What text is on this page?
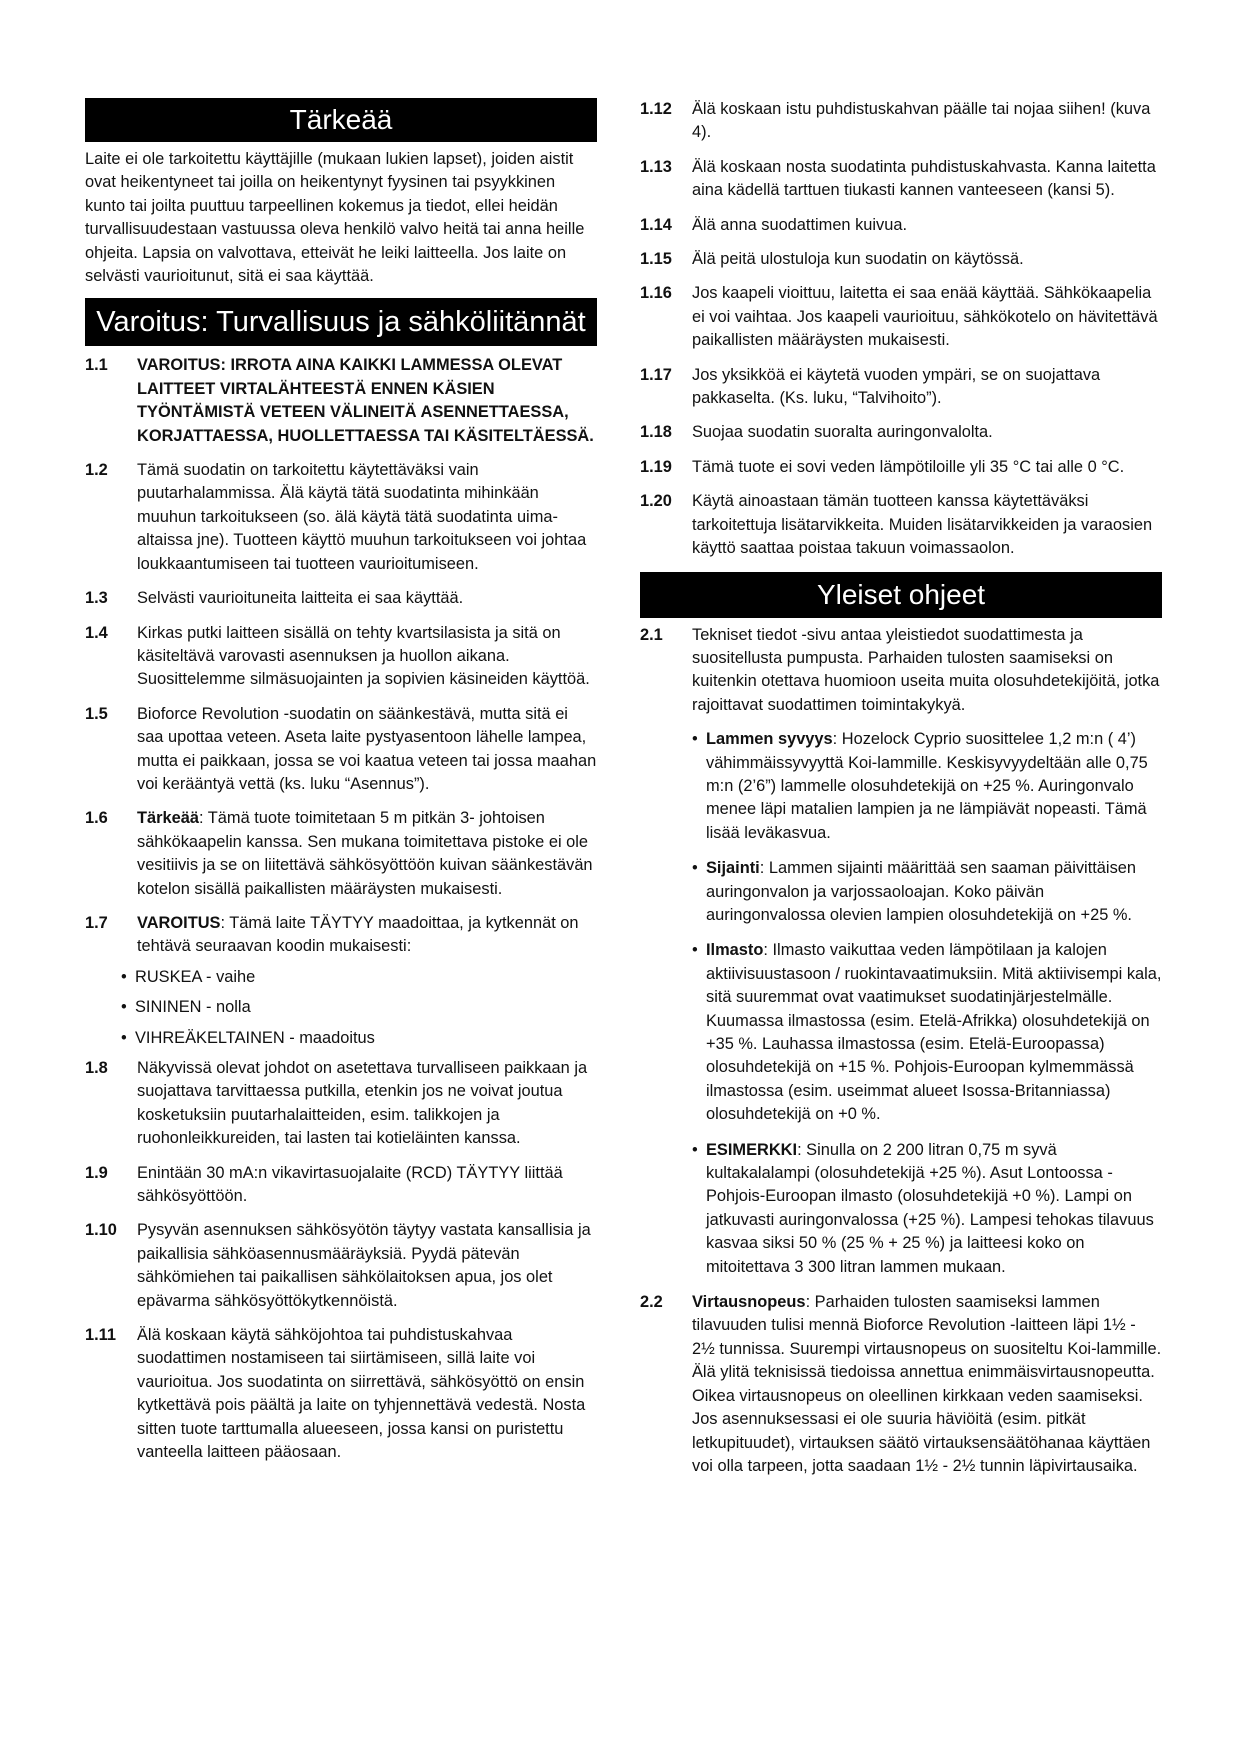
Tärkeää

Laite ei ole tarkoitettu käyttäjille (mukaan lukien lapset), joiden aistit ovat heikentyneet tai joilla on heikentynyt fyysinen tai psyykkinen kunto tai joilta puuttuu tarpeellinen kokemus ja tiedot, ellei heidän turvallisuudestaan vastuussa oleva henkilö valvo heitä tai anna heille ohjeita. Lapsia on valvottava, etteivät he leiki laitteella. Jos laite on selvästi vaurioitunut, sitä ei saa käyttää.

Varoitus: Turvallisuus ja sähköliitännät
1.1 VAROITUS: IRROTA AINA KAIKKI LAMMESSA OLEVAT LAITTEET VIRTALÄHTEESTÄ ENNEN KÄSIEN TYÖNTÄMISTÄ VETEEN VÄLINEITÄ ASENNETTAESSA, KORJATTAESSA, HUOLLETTAESSA TAI KÄSITELTÄESSÄ.
1.2 Tämä suodatin on tarkoitettu käytettäväksi vain puutarhalammissa. Älä käytä tätä suodatinta mihinkään muuhun tarkoitukseen (so. älä käytä tätä suodatinta uima-altaissa jne). Tuotteen käyttö muuhun tarkoitukseen voi johtaa loukkaantumiseen tai tuotteen vaurioitumiseen.
1.3 Selvästi vaurioituneita laitteita ei saa käyttää.
1.4 Kirkas putki laitteen sisällä on tehty kvartsilasista ja sitä on käsiteltävä varovasti asennuksen ja huollon aikana. Suosittelemme silmäsuojainten ja sopivien käsineiden käyttöä.
1.5 Bioforce Revolution -suodatin on säänkestävä, mutta sitä ei saa upottaa veteen. Aseta laite pystyasentoon lähelle lampea, mutta ei paikkaan, jossa se voi kaatua veteen tai jossa maahan voi kerääntyä vettä (ks. luku “Asennus”).
1.6 Tärkeää: Tämä tuote toimitetaan 5 m pitkän 3- johtoisen sähkökaapelin kanssa. Sen mukana toimitettava pistoke ei ole vesitiivis ja se on liitettävä sähkösyöttöön kuivan säänkestävän kotelon sisällä paikallisten määräysten mukaisesti.
1.7 VAROITUS: Tämä laite TÄYTYY maadoittaa, ja kytkennät on tehtävä seuraavan koodin mukaisesti:
• RUSKEA - vaihe
• SININEN - nolla
• VIHREÄKELTAINEN - maadoitus
1.8 Näkyvissä olevat johdot on asetettava turvalliseen paikkaan ja suojattava tarvittaessa putkilla, etenkin jos ne voivat joutua kosketuksiin puutarhalaitteiden, esim. talikkojen ja ruohonleikkureiden, tai lasten tai kotieläinten kanssa.
1.9 Enintään 30 mA:n vikavirtasuojalaite (RCD) TÄYTYY liittää sähkösyöttöön.
1.10 Pysyvän asennuksen sähkösyötön täytyy vastata kansallisia ja paikallisia sähköasennusmääräyksiä. Pyydä pätevän sähkömiehen tai paikallisen sähkölaitoksen apua, jos olet epävarma sähkösyöttökytkennöistä.
1.11 Älä koskaan käytä sähköjohtoa tai puhdistuskahvaa suodattimen nostamiseen tai siirtämiseen, sillä laite voi vaurioitua. Jos suodatinta on siirrettävä, sähkösyöttö on ensin kytkettävä pois päältä ja laite on tyhjennettävä vedestä. Nosta sitten tuote tarttumalla alueeseen, jossa kansi on puristettu vanteella laitteen pääosaan.
1.12 Älä koskaan istu puhdistuskahvan päälle tai nojaa siihen! (kuva 4).
1.13 Älä koskaan nosta suodatinta puhdistuskahvasta. Kanna laitetta aina kädellä tarttuen tiukasti kannen vanteeseen (kansi 5).
1.14 Älä anna suodattimen kuivua.
1.15 Älä peitä ulostuloja kun suodatin on käytössä.
1.16 Jos kaapeli vioittuu, laitetta ei saa enää käyttää. Sähkökaapelia ei voi vaihtaa. Jos kaapeli vaurioituu, sähkökotelo on hävitettävä paikallisten määräysten mukaisesti.
1.17 Jos yksikköä ei käytetä vuoden ympäri, se on suojattava pakkaselta. (Ks. luku, “Talvihoito”).
1.18 Suojaa suodatin suoralta auringonvalolta.
1.19 Tämä tuote ei sovi veden lämpötiloille yli 35 °C tai alle 0 °C.
1.20 Käytä ainoastaan tämän tuotteen kanssa käytettäväksi tarkoitettuja lisätarvikkeita. Muiden lisätarvikkeiden ja varaosien käyttö saattaa poistaa takuun voimassaolon.
Yleiset ohjeet
2.1 Tekniset tiedot -sivu antaa yleistiedot suodattimesta ja suositellusta pumpusta. Parhaiden tulosten saamiseksi on kuitenkin otettava huomioon useita muita olosuhdetekijöitä, jotka rajoittavat suodattimen toimintakykyä.
• Lammen syvyys: Hozelock Cyprio suosittelee 1,2 m:n ( 4’) vähimmäissyvyyttä Koi-lammille. Keskisyvyydeltään alle 0,75 m:n (2’6”) lammelle olosuhdetekijä on +25 %. Auringonvalo menee läpi matalien lampien ja ne lämpiävät nopeasti. Tämä lisää leväkasvua.
• Sijainti: Lammen sijainti määrittää sen saaman päivittäisen auringonvalon ja varjossaoloajan. Koko päivän auringonvalossa olevien lampien olosuhdetekijä on +25 %.
• Ilmasto: Ilmasto vaikuttaa veden lämpötilaan ja kalojen aktiivisuustasoon / ruokintavaatimuksiin. Mitä aktiivisempi kala, sitä suuremmat ovat vaatimukset suodatinjärjestelmälle. Kuumassa ilmastossa (esim. Etelä-Afrikka) olosuhdetekijä on +35 %. Lauhassa ilmastossa (esim. Etelä-Euroopassa) olosuhdetekijä on +15 %. Pohjois-Euroopan kylmemmässä ilmastossa (esim. useimmat alueet Isossa-Britanniassa) olosuhdetekijä on +0 %.
• ESIMERKKI: Sinulla on 2 200 litran 0,75 m syvä kultakalalampi (olosuhdetekijä +25 %). Asut Lontoossa - Pohjois-Euroopan ilmasto (olosuhdetekijä +0 %). Lampi on jatkuvasti auringonvalossa (+25 %). Lampesi tehokas tilavuus kasvaa siksi 50 % (25 % + 25 %) ja laitteesi koko on mitoitettava 3 300 litran lammen mukaan.
2.2 Virtausnopeus: Parhaiden tulosten saamiseksi lammen tilavuuden tulisi mennä Bioforce Revolution -laitteen läpi 1½ - 2½ tunnissa. Suurempi virtausnopeus on suositeltu Koi-lammille. Älä ylitä teknisissä tiedoissa annettua enimmäisvirtausnopeutta. Oikea virtausnopeus on oleellinen kirkkaan veden saamiseksi. Jos asennuksessasi ei ole suuria häviöitä (esim. pitkät letkupituudet), virtauksen säätö virtauksensäätöhanaa käyttäen voi olla tarpeen, jotta saadaan 1½ - 2½ tunnin läpivirtausaika.
